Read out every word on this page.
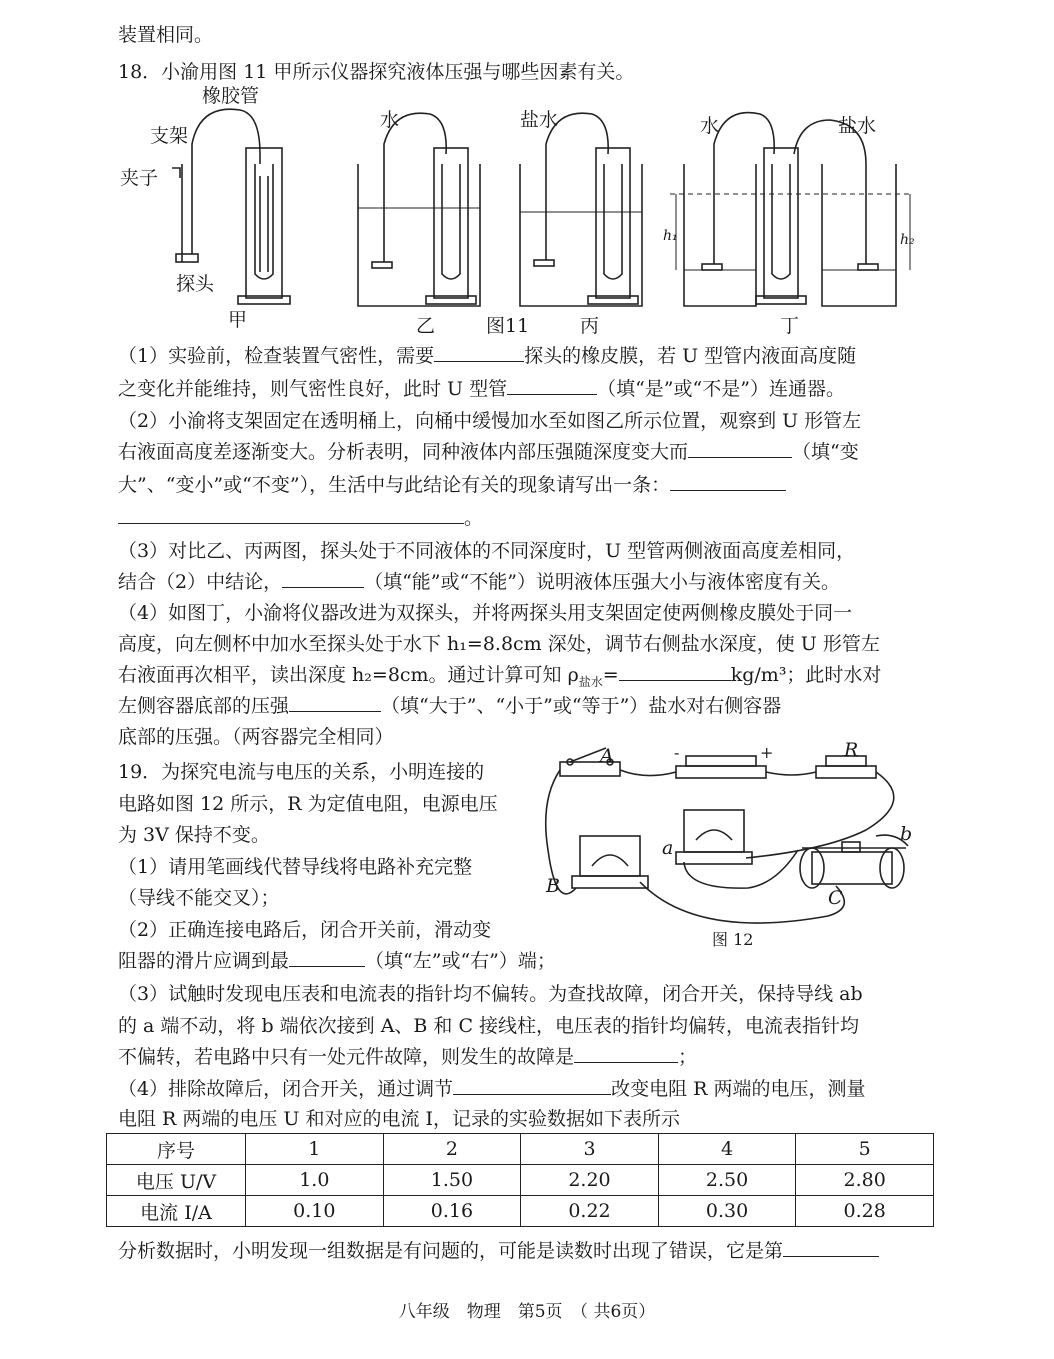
装置相同。
18．小渝用图 11 甲所示仪器探究液体压强与哪些因素有关。
橡胶管
支架
夹子
探头
水	盐水	水	盐水
甲	乙	图11	丙	丁
h₁	h₂
（1）实验前，检查装置气密性，需要	探头的橡皮膜，若 U 型管内液面高度随
之变化并能维持，则气密性良好，此时 U 型管	（填“是”或“不是”）连通器。
（2）小渝将支架固定在透明桶上，向桶中缓慢加水至如图乙所示位置，观察到 U 形管左
右液面高度差逐渐变大。分析表明，同种液体内部压强随深度变大而	（填“变
大”、“变小”或“不变”），生活中与此结论有关的现象请写出一条：
。
（3）对比乙、丙两图，探头处于不同液体的不同深度时，U 型管两侧液面高度差相同，
结合（2）中结论，	（填“能”或“不能”）说明液体压强大小与液体密度有关。
（4）如图丁，小渝将仪器改进为双探头，并将两探头用支架固定使两侧橡皮膜处于同一
高度，向左侧杯中加水至探头处于水下 h₁=8.8cm 深处，调节右侧盐水深度，使 U 形管左
右液面再次相平，读出深度 h₂=8cm。通过计算可知 $\rho_{盐水}=$	kg/m³；此时水对
左侧容器底部的压强	（填“大于”、“小于”或“等于”）盐水对右侧容器
底部的压强。（两容器完全相同）
19．为探究电流与电压的关系，小明连接的
电路如图 12 所示，R 为定值电阻，电源电压
为 3V 保持不变。
（1）请用笔画线代替导线将电路补充完整
（导线不能交叉）；
（2）正确连接电路后，闭合开关前，滑动变
阻器的滑片应调到最	（填“左”或“右”）端；
A	R
a
b
B
C
-	+
图 12
（3）试触时发现电压表和电流表的指针均不偏转。为查找故障，闭合开关，保持导线 ab
的 a 端不动，将 b 端依次接到 A、B 和 C 接线柱，电压表的指针均偏转，电流表指针均
不偏转，若电路中只有一处元件故障，则发生的故障是	；
（4）排除故障后，闭合开关，通过调节	改变电阻 R 两端的电压，测量
电阻 R 两端的电压 U 和对应的电流 I，记录的实验数据如下表所示
序号	1	2	3	4	5
电压 U/V	1.0	1.50	2.20	2.50	2.80
电流 I/A	0.10	0.16	0.22	0.30	0.28
分析数据时，小明发现一组数据是有问题的，可能是读数时出现了错误，它是第
八年级　物理　第5页　（ 共6页）
